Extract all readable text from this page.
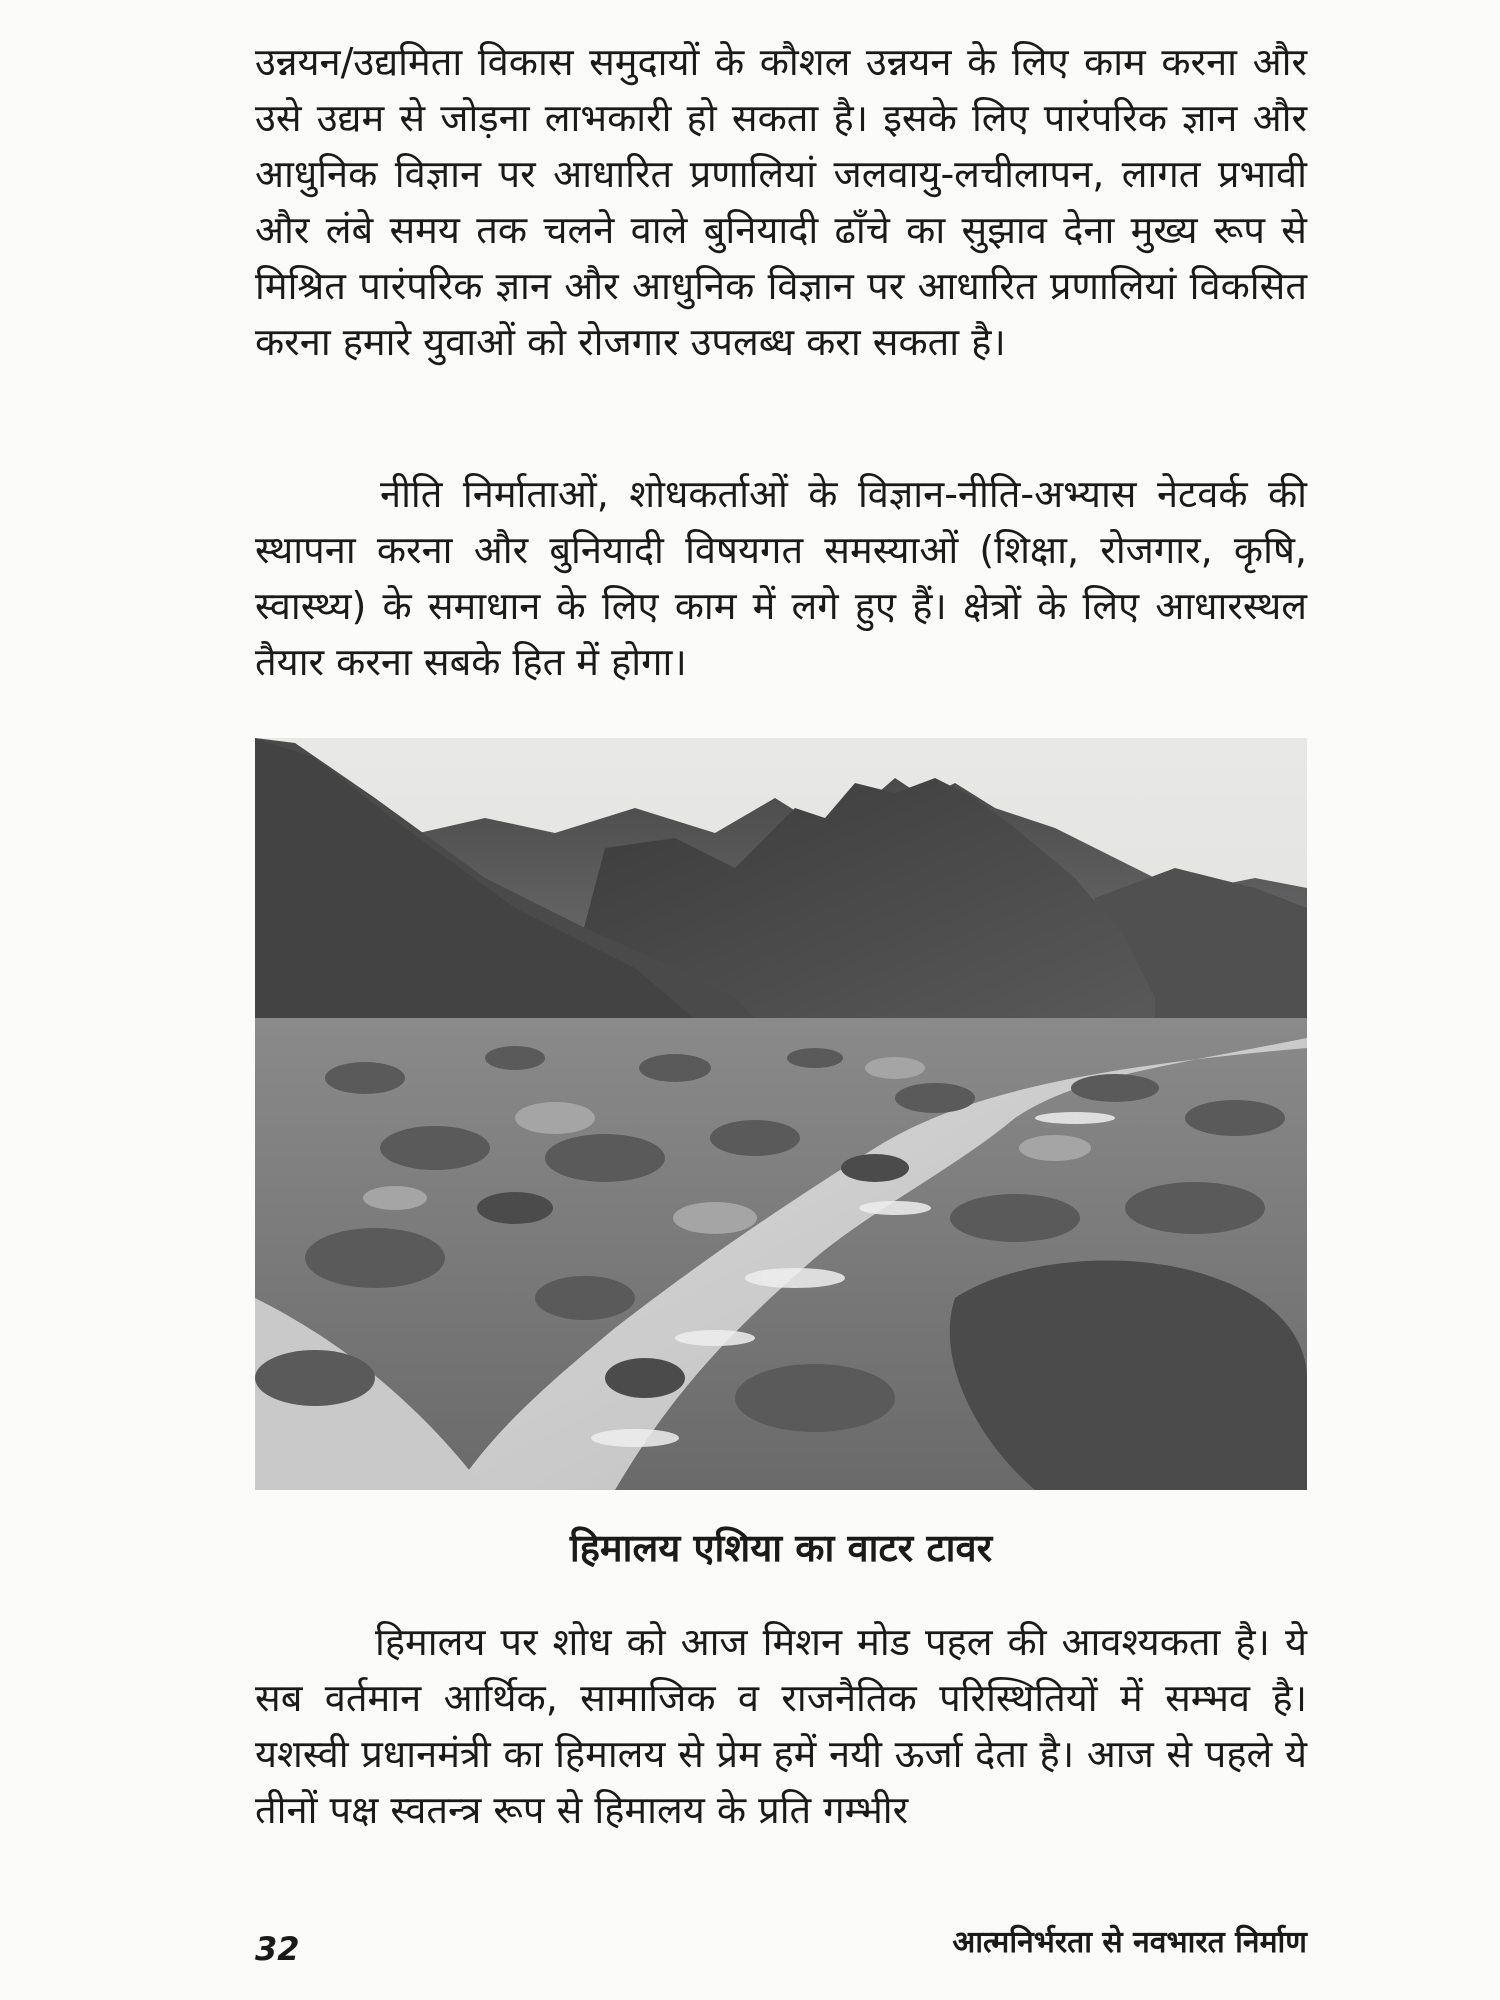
उन्नयन/उद्यमिता विकास समुदायों के कौशल उन्नयन के लिए काम करना और उसे उद्यम से जोड़ना लाभकारी हो सकता है। इसके लिए पारंपरिक ज्ञान और आधुनिक विज्ञान पर आधारित प्रणालियां जलवायु-लचीलापन, लागत प्रभावी और लंबे समय तक चलने वाले बुनियादी ढाँचे का सुझाव देना मुख्य रूप से मिश्रित पारंपरिक ज्ञान और आधुनिक विज्ञान पर आधारित प्रणालियां विकसित करना हमारे युवाओं को रोजगार उपलब्ध करा सकता है।

नीति निर्माताओं, शोधकर्ताओं के विज्ञान-नीति-अभ्यास नेटवर्क की स्थापना करना और बुनियादी विषयगत समस्याओं (शिक्षा, रोजगार, कृषि, स्वास्थ्य) के समाधान के लिए काम में लगे हुए हैं। क्षेत्रों के लिए आधारस्थल तैयार करना सबके हित में होगा।

हिमालय एशिया का वाटर टावर

हिमालय पर शोध को आज मिशन मोड पहल की आवश्यकता है। ये सब वर्तमान आर्थिक, सामाजिक व राजनैतिक परिस्थितियों में सम्भव है। यशस्वी प्रधानमंत्री का हिमालय से प्रेम हमें नयी ऊर्जा देता है। आज से पहले ये तीनों पक्ष स्वतन्त्र रूप से हिमालय के प्रति गम्भीर

32	आत्मनिर्भरता से नवभारत निर्माण
